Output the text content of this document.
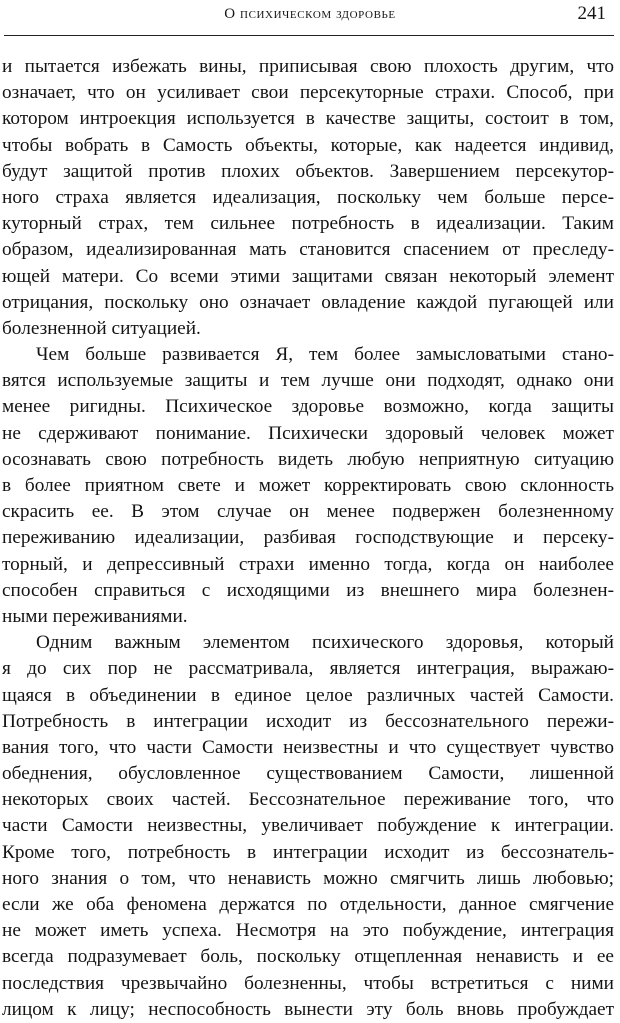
О психическом здоровье	241
и пытается избежать вины, приписывая свою плохость другим, что
означает, что он усиливает свои персекуторные страхи. Способ, при
котором интроекция используется в качестве защиты, состоит в том,
чтобы вобрать в Самость объекты, которые, как надеется индивид,
будут защитой против плохих объектов. Завершением персекутор-
ного страха является идеализация, поскольку чем больше персе-
куторный страх, тем сильнее потребность в идеализации. Таким
образом, идеализированная мать становится спасением от преследу-
ющей матери. Со всеми этими защитами связан некоторый элемент
отрицания, поскольку оно означает овладение каждой пугающей или
болезненной ситуацией.
Чем больше развивается Я, тем более замысловатыми стано-
вятся используемые защиты и тем лучше они подходят, однако они
менее ригидны. Психическое здоровье возможно, когда защиты
не сдерживают понимание. Психически здоровый человек может
осознавать свою потребность видеть любую неприятную ситуацию
в более приятном свете и может корректировать свою склонность
скрасить ее. В этом случае он менее подвержен болезненному
переживанию идеализации, разбивая господствующие и персеку-
торный, и депрессивный страхи именно тогда, когда он наиболее
способен справиться с исходящими из внешнего мира болезнен-
ными переживаниями.
Одним важным элементом психического здоровья, который
я до сих пор не рассматривала, является интеграция, выражаю-
щаяся в объединении в единое целое различных частей Самости.
Потребность в интеграции исходит из бессознательного пережи-
вания того, что части Самости неизвестны и что существует чувство
обеднения, обусловленное существованием Самости, лишенной
некоторых своих частей. Бессознательное переживание того, что
части Самости неизвестны, увеличивает побуждение к интеграции.
Кроме того, потребность в интеграции исходит из бессознатель-
ного знания о том, что ненависть можно смягчить лишь любовью;
если же оба феномена держатся по отдельности, данное смягчение
не может иметь успеха. Несмотря на это побуждение, интеграция
всегда подразумевает боль, поскольку отщепленная ненависть и ее
последствия чрезвычайно болезненны, чтобы встретиться с ними
лицом к лицу; неспособность вынести эту боль вновь пробуждает
